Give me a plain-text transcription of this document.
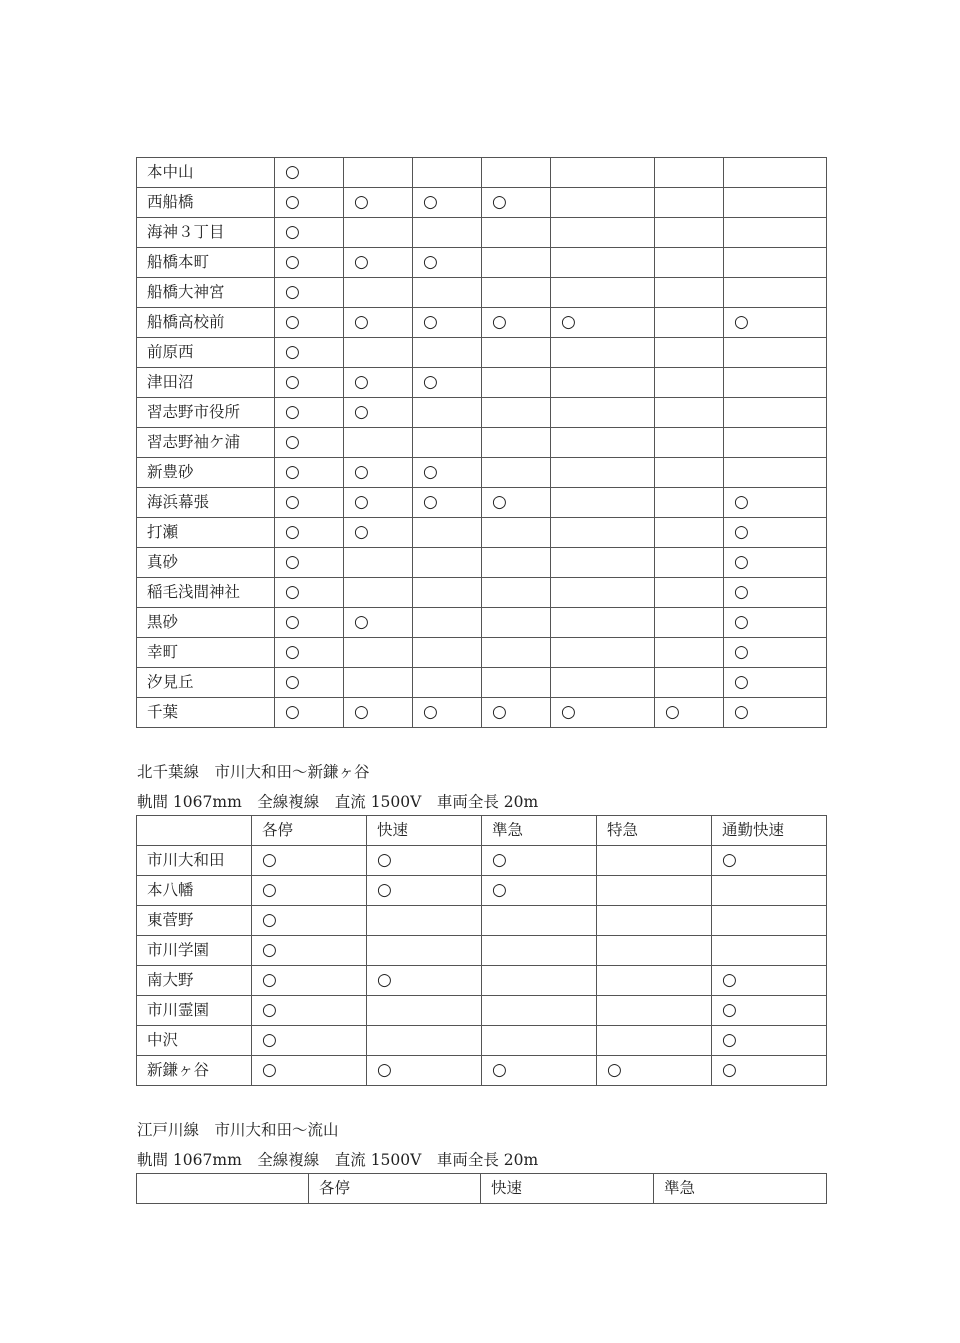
本中山	○						
西船橋	○	○	○	○			
海神３丁目	○						
船橋本町	○	○	○				
船橋大神宮	○						
船橋高校前	○	○	○	○	○		○
前原西	○						
津田沼	○	○	○				
習志野市役所	○	○					
習志野袖ケ浦	○						
新豊砂	○	○	○				
海浜幕張	○	○	○	○			○
打瀬	○	○					○
真砂	○						○
稲毛浅間神社	○						○
黒砂	○	○					○
幸町	○						○
汐見丘	○						○
千葉	○	○	○	○	○	○	○
北千葉線　市川大和田〜新鎌ヶ谷
軌間 1067mm　全線複線　直流 1500V　車両全長 20m
	各停	快速	準急	特急	通勤快速
市川大和田	○	○	○		○
本八幡	○	○	○		
東菅野	○				
市川学園	○				
南大野	○	○			○
市川霊園	○				○
中沢	○				○
新鎌ヶ谷	○	○	○	○	○
江戸川線　市川大和田〜流山
軌間 1067mm　全線複線　直流 1500V　車両全長 20m
	各停	快速	準急
